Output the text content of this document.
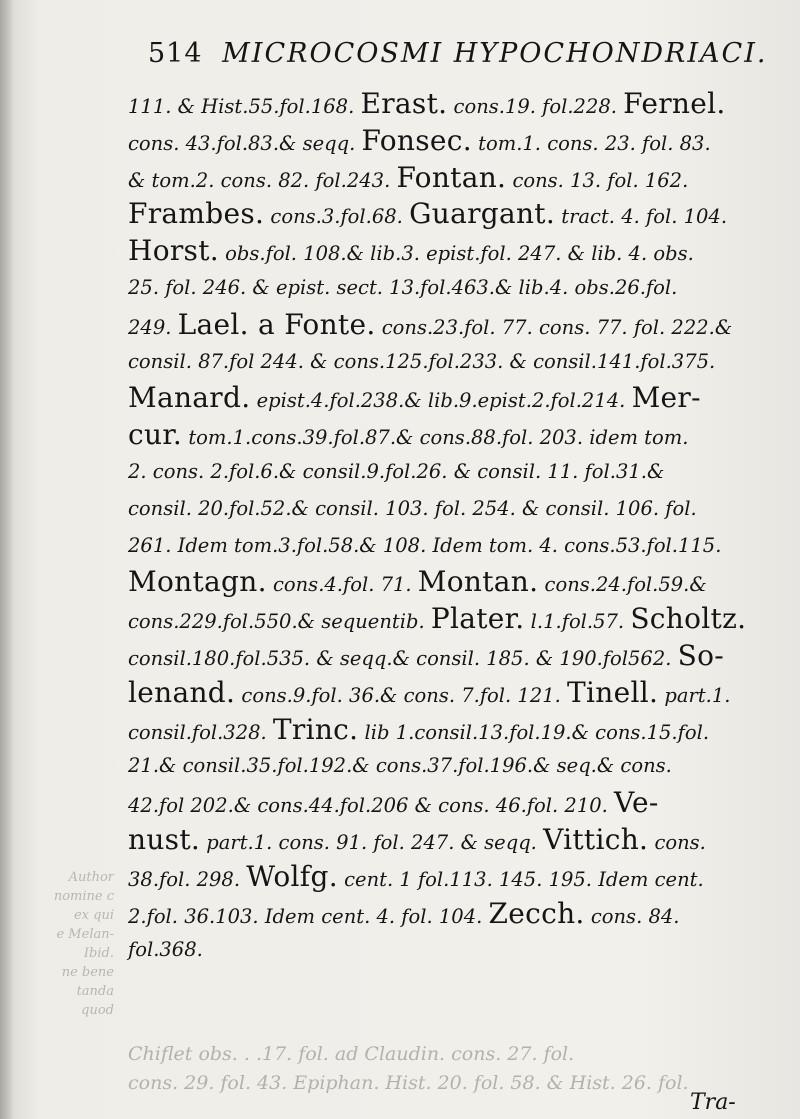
514 MICROCOSMI HYPOCHONDRIACI.
Author
nomine c
ex qui
e Melan-
Ibid.
ne bene
tanda
quod
111. & Hist.55.fol.168. Erast. cons.19. fol.228. Fernel.
cons. 43.fol.83.& seqq. Fonsec. tom.1. cons. 23. fol. 83.
& tom.2. cons. 82. fol.243. Fontan. cons. 13. fol. 162.
Frambes. cons.3.fol.68. Guargant. tract. 4. fol. 104.
Horst. obs.fol. 108.& lib.3. epist.fol. 247. & lib. 4. obs.
25. fol. 246. & epist. sect. 13.fol.463.& lib.4. obs.26.fol.
249. Lael. a Fonte. cons.23.fol. 77. cons. 77. fol. 222.&
consil. 87.fol 244. & cons.125.fol.233. & consil.141.fol.375.
Manard. epist.4.fol.238.& lib.9.epist.2.fol.214. Mer-
cur. tom.1.cons.39.fol.87.& cons.88.fol. 203. idem tom.
2. cons. 2.fol.6.& consil.9.fol.26. & consil. 11. fol.31.&
consil. 20.fol.52.& consil. 103. fol. 254. & consil. 106. fol.
261. Idem tom.3.fol.58.& 108. Idem tom. 4. cons.53.fol.115.
Montagn. cons.4.fol. 71. Montan. cons.24.fol.59.&
cons.229.fol.550.& sequentib. Plater. l.1.fol.57. Scholtz.
consil.180.fol.535. & seqq.& consil. 185. & 190.fol562. So-
lenand. cons.9.fol. 36.& cons. 7.fol. 121. Tinell. part.1.
consil.fol.328. Trinc. lib 1.consil.13.fol.19.& cons.15.fol.
21.& consil.35.fol.192.& cons.37.fol.196.& seq.& cons.
42.fol 202.& cons.44.fol.206 & cons. 46.fol. 210. Ve-
nust. part.1. cons. 91. fol. 247. & seqq. Vittich. cons.
38.fol. 298. Wolfg. cent. 1 fol.113. 145. 195. Idem cent.
2.fol. 36.103. Idem cent. 4. fol. 104. Zecch. cons. 84.
fol.368.
Chiflet obs. . .17. fol. ad Claudin. cons. 27. fol.
cons. 29. fol. 43. Epiphan. Hist. 20. fol. 58. & Hist. 26. fol.
Tra-
